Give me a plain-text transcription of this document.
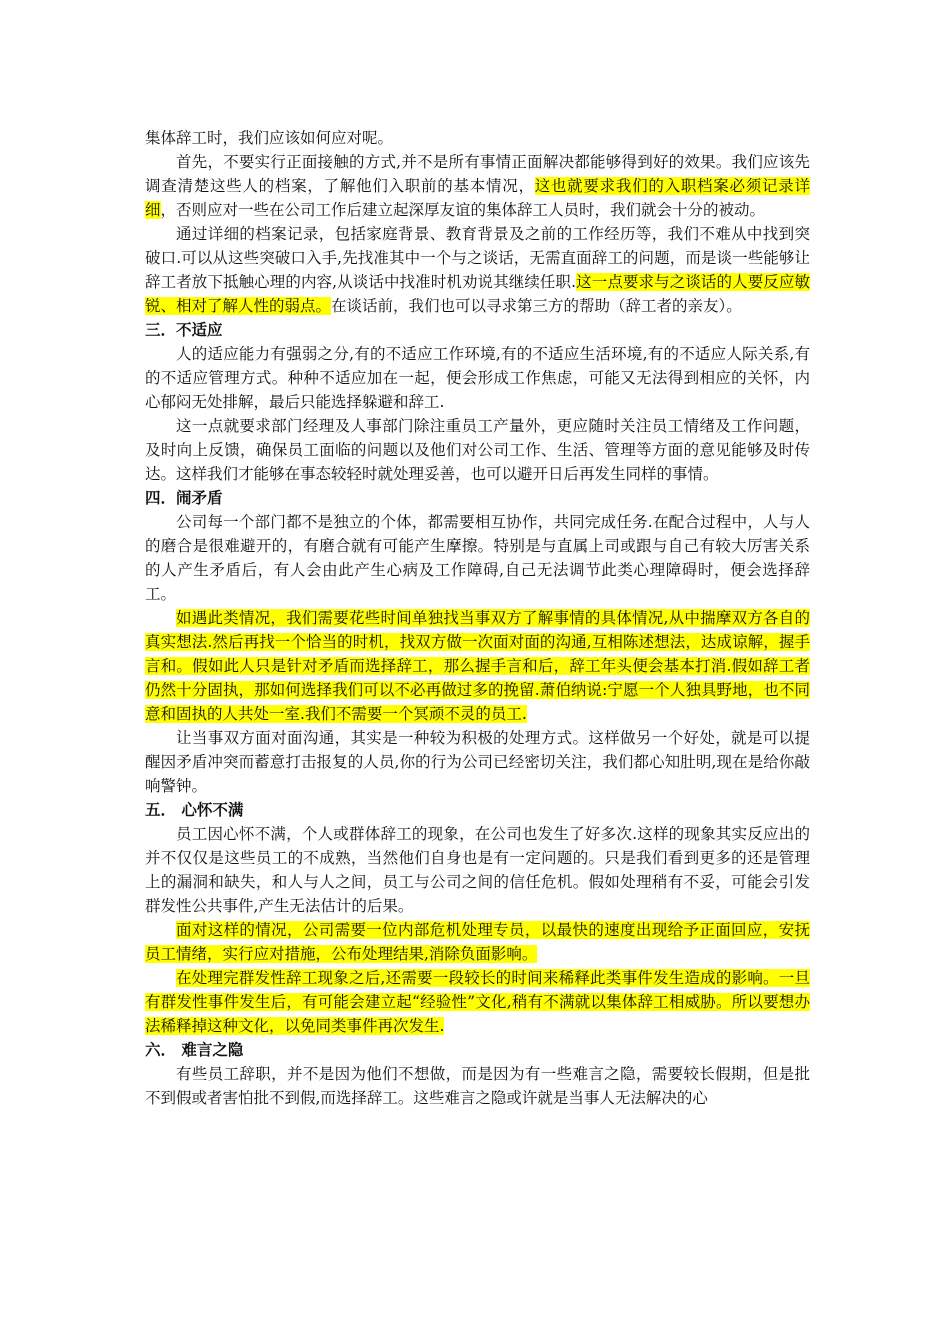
集体辞工时，我们应该如何应对呢。

首先，不要实行正面接触的方式,并不是所有事情正面解决都能够得到好的效果。我们应该先调查清楚这些人的档案，了解他们入职前的基本情况，这也就要求我们的入职档案必须记录详细，否则应对一些在公司工作后建立起深厚友谊的集体辞工人员时，我们就会十分的被动。

通过详细的档案记录，包括家庭背景、教育背景及之前的工作经历等，我们不难从中找到突破口.可以从这些突破口入手,先找准其中一个与之谈话，无需直面辞工的问题，而是谈一些能够让辞工者放下抵触心理的内容,从谈话中找准时机劝说其继续任职.这一点要求与之谈话的人要反应敏锐、相对了解人性的弱点。在谈话前，我们也可以寻求第三方的帮助（辞工者的亲友）。

三．不适应

人的适应能力有强弱之分,有的不适应工作环境,有的不适应生活环境,有的不适应人际关系,有的不适应管理方式。种种不适应加在一起，便会形成工作焦虑，可能又无法得到相应的关怀，内心郁闷无处排解，最后只能选择躲避和辞工.

这一点就要求部门经理及人事部门除注重员工产量外，更应随时关注员工情绪及工作问题，及时向上反馈，确保员工面临的问题以及他们对公司工作、生活、管理等方面的意见能够及时传达。这样我们才能够在事态较轻时就处理妥善，也可以避开日后再发生同样的事情。

四．闹矛盾

公司每一个部门都不是独立的个体，都需要相互协作，共同完成任务.在配合过程中，人与人的磨合是很难避开的，有磨合就有可能产生摩擦。特别是与直属上司或跟与自己有较大厉害关系的人产生矛盾后，有人会由此产生心病及工作障碍,自己无法调节此类心理障碍时，便会选择辞工。

如遇此类情况，我们需要花些时间单独找当事双方了解事情的具体情况,从中揣摩双方各自的真实想法.然后再找一个恰当的时机，找双方做一次面对面的沟通,互相陈述想法，达成谅解，握手言和。假如此人只是针对矛盾而选择辞工，那么握手言和后，辞工年头便会基本打消.假如辞工者仍然十分固执，那如何选择我们可以不必再做过多的挽留.萧伯纳说:宁愿一个人独具野地，也不同意和固执的人共处一室.我们不需要一个冥顽不灵的员工.

让当事双方面对面沟通，其实是一种较为积极的处理方式。这样做另一个好处，就是可以提醒因矛盾冲突而蓄意打击报复的人员,你的行为公司已经密切关注，我们都心知肚明,现在是给你敲响警钟。

五． 心怀不满

员工因心怀不满，个人或群体辞工的现象，在公司也发生了好多次.这样的现象其实反应出的并不仅仅是这些员工的不成熟，当然他们自身也是有一定问题的。只是我们看到更多的还是管理上的漏洞和缺失，和人与人之间，员工与公司之间的信任危机。假如处理稍有不妥，可能会引发群发性公共事件,产生无法估计的后果。

面对这样的情况，公司需要一位内部危机处理专员，以最快的速度出现给予正面回应，安抚员工情绪，实行应对措施，公布处理结果,消除负面影响。

在处理完群发性辞工现象之后,还需要一段较长的时间来稀释此类事件发生造成的影响。一旦有群发性事件发生后，有可能会建立起“经验性”文化,稍有不满就以集体辞工相威胁。所以要想办法稀释掉这种文化，以免同类事件再次发生.

六． 难言之隐

有些员工辞职，并不是因为他们不想做，而是因为有一些难言之隐，需要较长假期，但是批不到假或者害怕批不到假,而选择辞工。这些难言之隐或许就是当事人无法解决的心
